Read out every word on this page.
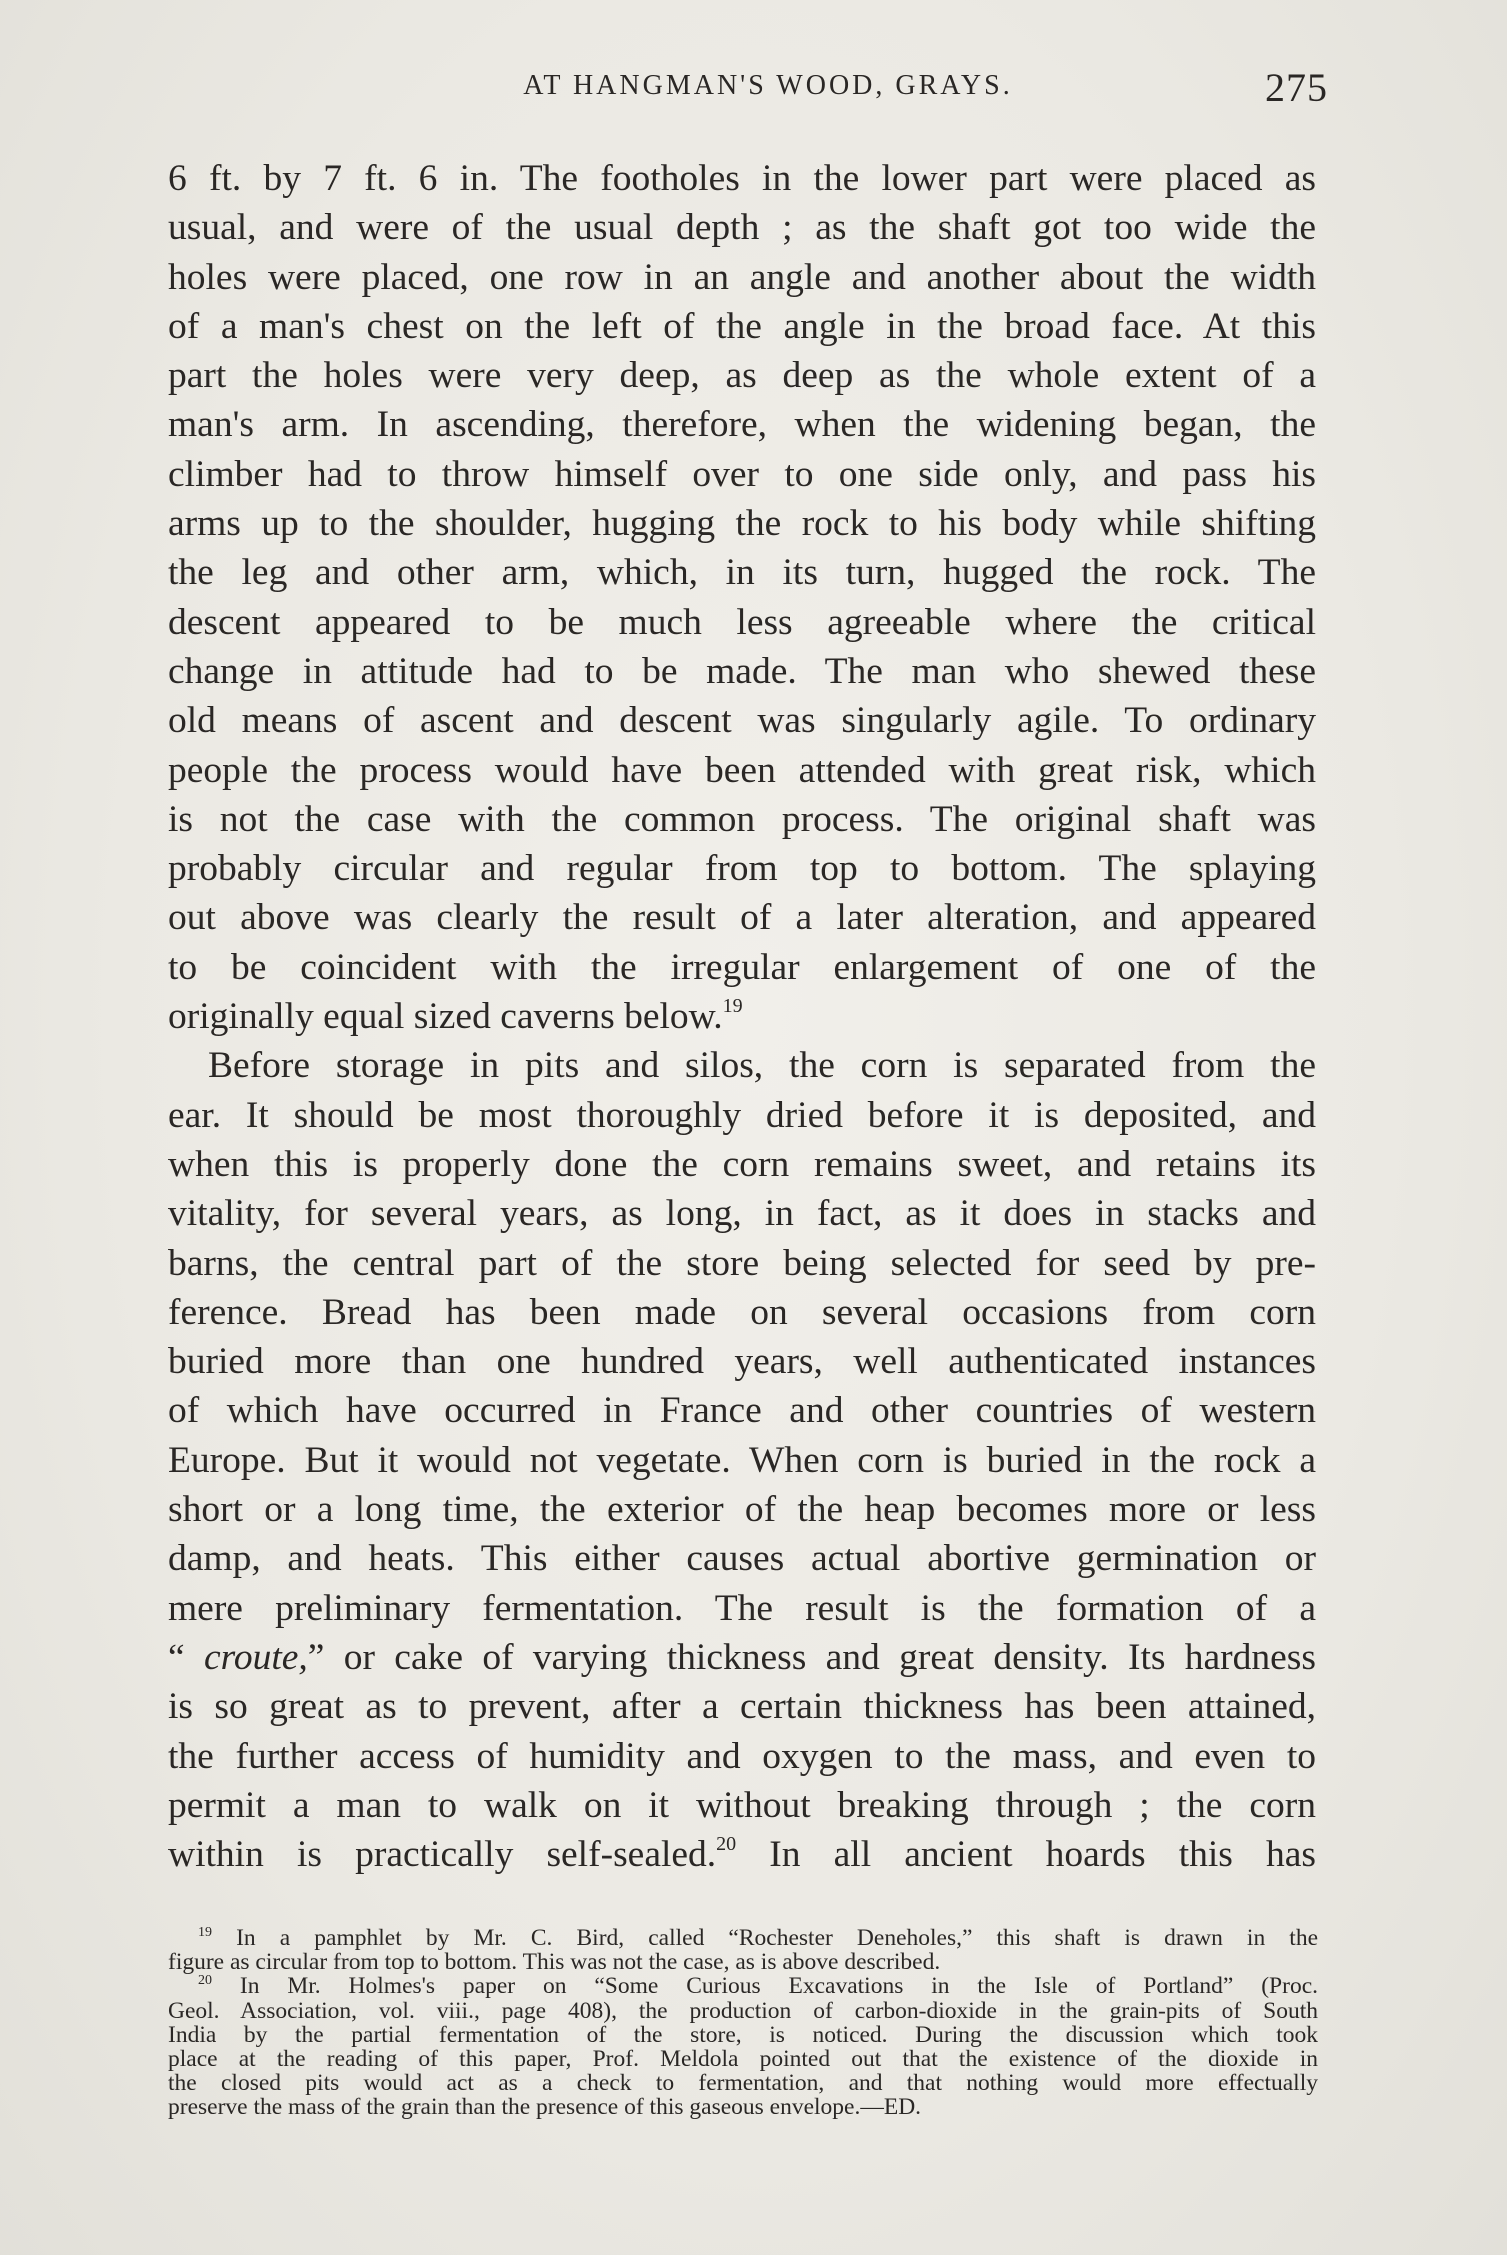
AT HANGMAN'S WOOD, GRAYS.	275
6 ft. by 7 ft. 6 in. The footholes in the lower part were placed as
usual, and were of the usual depth ; as the shaft got too wide the
holes were placed, one row in an angle and another about the width
of a man's chest on the left of the angle in the broad face. At this
part the holes were very deep, as deep as the whole extent of a
man's arm. In ascending, therefore, when the widening began, the
climber had to throw himself over to one side only, and pass his
arms up to the shoulder, hugging the rock to his body while shifting
the leg and other arm, which, in its turn, hugged the rock. The
descent appeared to be much less agreeable where the critical
change in attitude had to be made. The man who shewed these
old means of ascent and descent was singularly agile. To ordinary
people the process would have been attended with great risk, which
is not the case with the common process. The original shaft was
probably circular and regular from top to bottom. The splaying
out above was clearly the result of a later alteration, and appeared
to be coincident with the irregular enlargement of one of the
originally equal sized caverns below.$^{19}$
Before storage in pits and silos, the corn is separated from the
ear. It should be most thoroughly dried before it is deposited, and
when this is properly done the corn remains sweet, and retains its
vitality, for several years, as long, in fact, as it does in stacks and
barns, the central part of the store being selected for seed by pre-
ference. Bread has been made on several occasions from corn
buried more than one hundred years, well authenticated instances
of which have occurred in France and other countries of western
Europe. But it would not vegetate. When corn is buried in the rock a
short or a long time, the exterior of the heap becomes more or less
damp, and heats. This either causes actual abortive germination or
mere preliminary fermentation. The result is the formation of a
“ croute,” or cake of varying thickness and great density. Its hardness
is so great as to prevent, after a certain thickness has been attained,
the further access of humidity and oxygen to the mass, and even to
permit a man to walk on it without breaking through ; the corn
within is practically self-sealed.$^{20}$ In all ancient hoards this has
$^{19}$ In a pamphlet by Mr. C. Bird, called “Rochester Deneholes,” this shaft is drawn in the
figure as circular from top to bottom. This was not the case, as is above described.
$^{20}$ In Mr. Holmes's paper on “Some Curious Excavations in the Isle of Portland” (Proc.
Geol. Association, vol. viii., page 408), the production of carbon-dioxide in the grain-pits of South
India by the partial fermentation of the store, is noticed. During the discussion which took
place at the reading of this paper, Prof. Meldola pointed out that the existence of the dioxide in
the closed pits would act as a check to fermentation, and that nothing would more effectually
preserve the mass of the grain than the presence of this gaseous envelope.—ED.
